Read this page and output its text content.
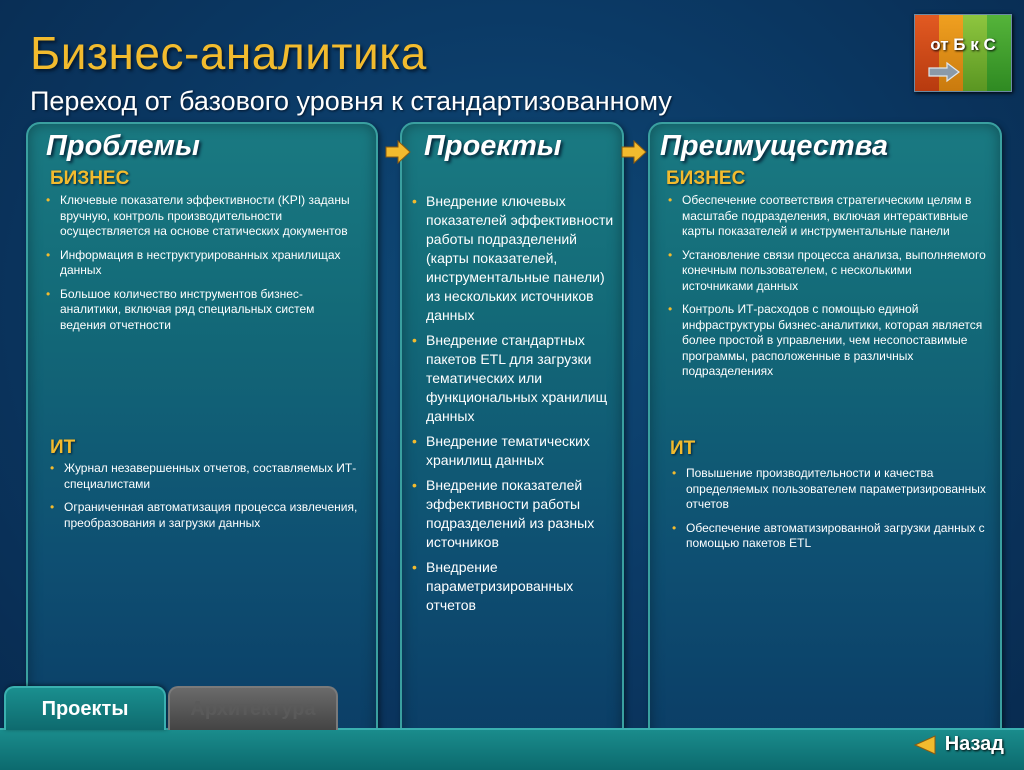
Бизнес-аналитика
Переход от базового уровня к стандартизованному
от Б к С
Проблемы
БИЗНЕС
• Ключевые показатели эффективности (KPI) заданы вручную, контроль производительности осуществляется на основе статических документов
• Информация в неструктурированных хранилищах данных
• Большое количество инструментов бизнес-аналитики, включая ряд специальных систем ведения отчетности
ИТ
• Журнал незавершенных отчетов, составляемых ИТ-специалистами
• Ограниченная автоматизация процесса извлечения, преобразования и загрузки данных
Проекты
• Внедрение ключевых показателей эффективности работы подразделений (карты показателей, инструментальные панели) из нескольких источников данных
• Внедрение стандартных пакетов ETL для загрузки тематических или функциональных хранилищ данных
• Внедрение тематических хранилищ данных
• Внедрение показателей эффективности работы подразделений из разных источников
• Внедрение параметризированных отчетов
Преимущества
БИЗНЕС
• Обеспечение соответствия стратегическим целям в масштабе подразделения, включая интерактивные карты показателей и инструментальные панели
• Установление связи процесса анализа, выполняемого конечным пользователем, с несколькими источниками данных
• Контроль ИТ-расходов с помощью единой инфраструктуры бизнес-аналитики, которая является более простой в управлении, чем несопоставимые программы, расположенные в различных подразделениях
ИТ
• Повышение производительности и качества определяемых пользователем параметризированных отчетов
• Обеспечение автоматизированной загрузки данных с помощью пакетов ETL
Проекты	Архитектура
Назад
